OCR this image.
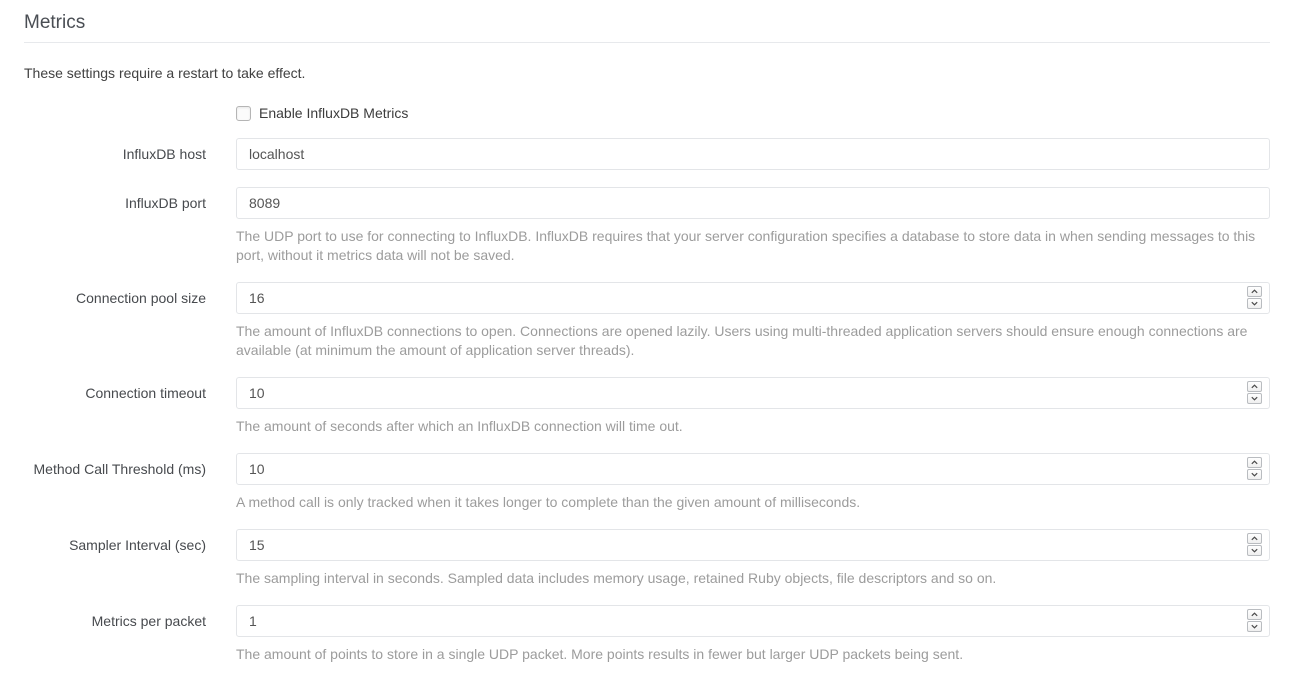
Metrics

These settings require a restart to take effect.

Enable InfluxDB Metrics
InfluxDB host
localhost
InfluxDB port
8089
The UDP port to use for connecting to InfluxDB. InfluxDB requires that your server configuration specifies a database to store data in when sending messages to this port, without it metrics data will not be saved.
Connection pool size
16
The amount of InfluxDB connections to open. Connections are opened lazily. Users using multi-threaded application servers should ensure enough connections are available (at minimum the amount of application server threads).
Connection timeout
10
The amount of seconds after which an InfluxDB connection will time out.
Method Call Threshold (ms)
10
A method call is only tracked when it takes longer to complete than the given amount of milliseconds.
Sampler Interval (sec)
15
The sampling interval in seconds. Sampled data includes memory usage, retained Ruby objects, file descriptors and so on.
Metrics per packet
1
The amount of points to store in a single UDP packet. More points results in fewer but larger UDP packets being sent.
